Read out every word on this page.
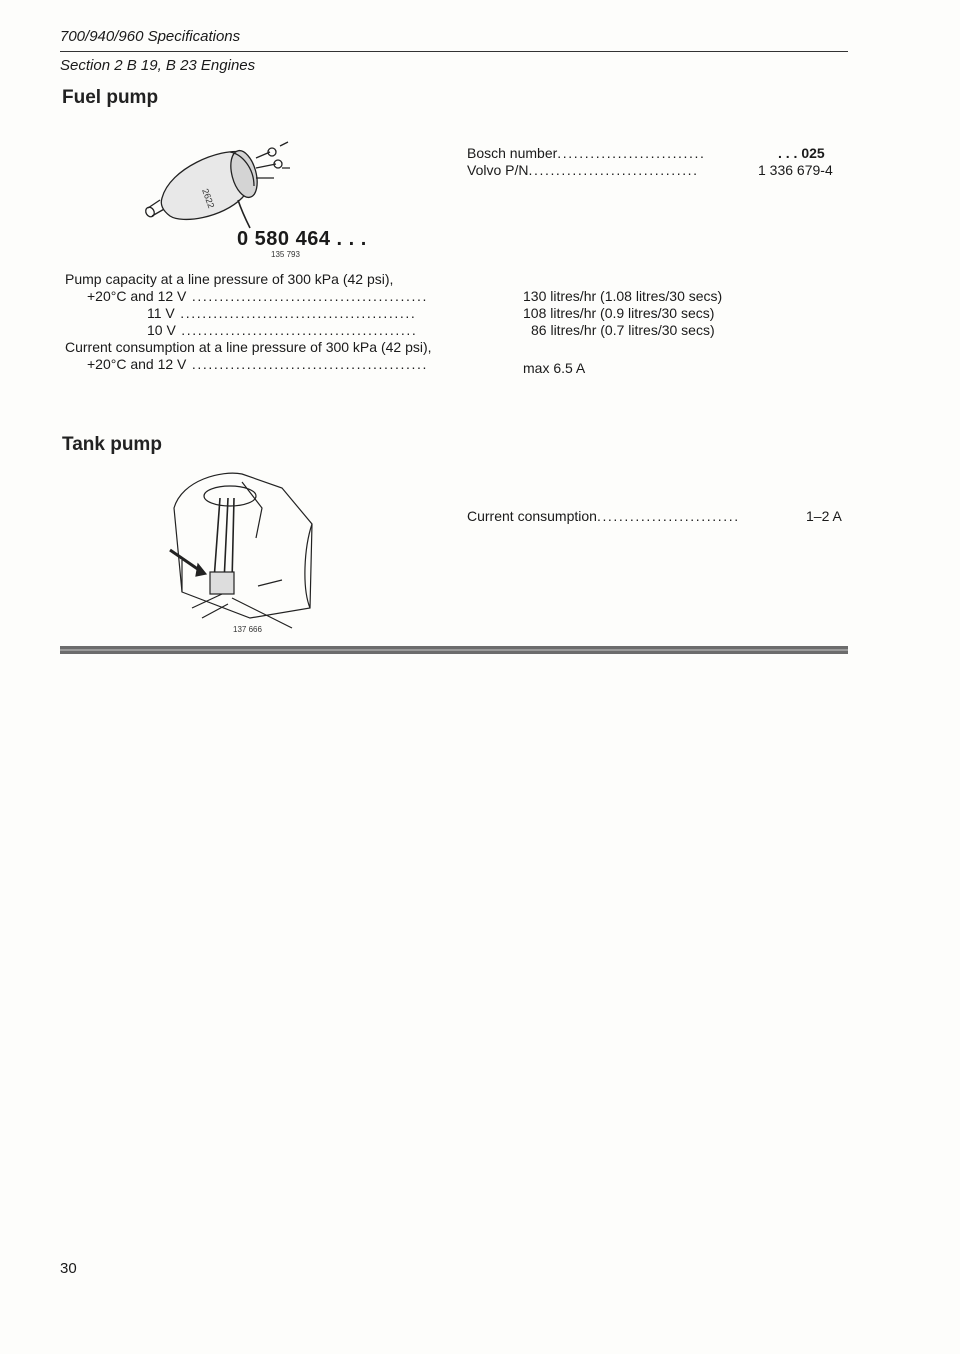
700/940/960 Specifications
Section 2 B 19, B 23 Engines
Fuel pump
2622
0 580 464 . . .
135 793
Bosch number...........................	. . . 025
Volvo P/N...............................	1 336 679-4
Pump capacity at a line pressure of 300 kPa (42 psi),
+20°C and 12 V ...........................................	130 litres/hr (1.08 litres/30 secs)
11 V ...........................................	108 litres/hr (0.9 litres/30 secs)
10 V ...........................................	86 litres/hr (0.7 litres/30 secs)
Current consumption at a line pressure of 300 kPa (42 psi),
+20°C and 12 V ...........................................	max 6.5 A
Tank pump
137 666
Current consumption..........................	1–2 A
30
